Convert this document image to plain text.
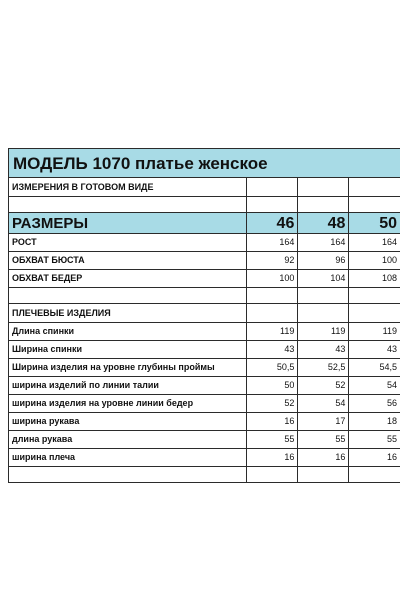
МОДЕЛЬ 1070 платье женское			
ИЗМЕРЕНИЯ В ГОТОВОМ ВИДЕ			

РАЗМЕРЫ	46	48	50
РОСТ	164	164	164
ОБХВАТ БЮСТА	92	96	100
ОБХВАТ БЕДЕР	100	104	108

ПЛЕЧЕВЫЕ ИЗДЕЛИЯ			
Длина спинки	119	119	119
Ширина спинки	43	43	43
Ширина изделия на уровне глубины проймы	50,5	52,5	54,5
ширина изделий по линии талии	50	52	54
ширина изделия на уровне линии бедер	52	54	56
ширина рукава	16	17	18
длина рукава	55	55	55
ширина плеча	16	16	16
